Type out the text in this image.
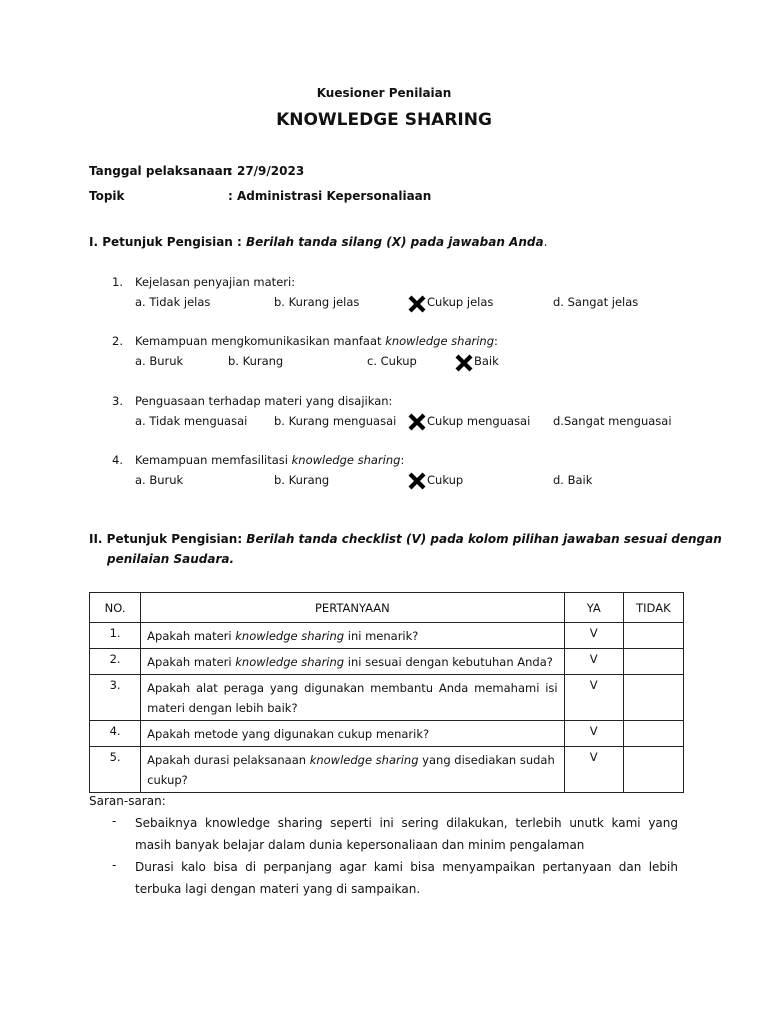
Kuesioner Penilaian
KNOWLEDGE SHARING
Tanggal pelaksanaan
: 27/9/2023
Topik	: Administrasi Kepersonaliaan
I. Petunjuk Pengisian : Berilah tanda silang (X) pada jawaban Anda.
1. Kejelasan penyajian materi:
a. Tidak jelas	b. Kurang jelas	Cukup jelas	d. Sangat jelas
2. Kemampuan mengkomunikasikan manfaat knowledge sharing:
a. Buruk	b. Kurang	c. Cukup	Baik
3. Penguasaan terhadap materi yang disajikan:
a. Tidak menguasai b. Kurang menguasai	Cukup menguasai d.Sangat menguasai
4. Kemampuan memfasilitasi knowledge sharing:
a. Buruk	b. Kurang	Cukup	d. Baik
II. Petunjuk Pengisian: Berilah tanda checklist (V) pada kolom pilihan jawaban sesuai dengan
penilaian Saudara.
NO.	PERTANYAAN	YA	TIDAK
1.	Apakah materi knowledge sharing ini menarik?	V	
2.	Apakah materi knowledge sharing ini sesuai dengan kebutuhan Anda?	V	
3.	Apakah alat peraga yang digunakan membantu Anda memahami isi materi dengan lebih baik?	V	
4.	Apakah metode yang digunakan cukup menarik?	V	
5.	Apakah durasi pelaksanaan knowledge sharing yang disediakan sudah cukup?	V	
Saran-saran:
- Sebaiknya knowledge sharing seperti ini sering dilakukan, terlebih unutk kami yang masih banyak belajar dalam dunia kepersonaliaan dan minim pengalaman
- Durasi kalo bisa di perpanjang agar kami bisa menyampaikan pertanyaan dan lebih terbuka lagi dengan materi yang di sampaikan.
